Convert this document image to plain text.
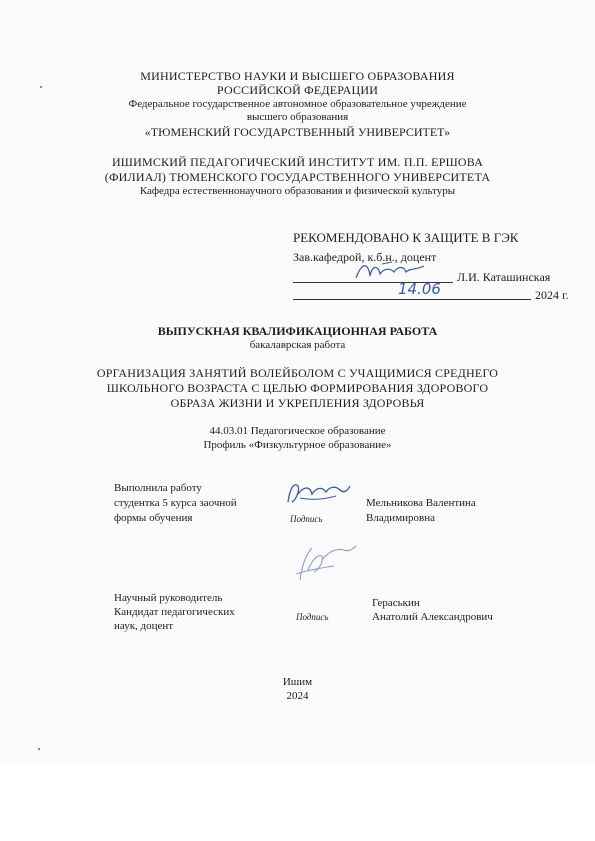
МИНИСТЕРСТВО НАУКИ И ВЫСШЕГО ОБРАЗОВАНИЯ
РОССИЙСКОЙ ФЕДЕРАЦИИ
Федеральное государственное автономное образовательное учреждение
высшего образования
«ТЮМЕНСКИЙ ГОСУДАРСТВЕННЫЙ УНИВЕРСИТЕТ»
ИШИМСКИЙ ПЕДАГОГИЧЕСКИЙ ИНСТИТУТ ИМ. П.П. ЕРШОВА
(ФИЛИАЛ) ТЮМЕНСКОГО ГОСУДАРСТВЕННОГО УНИВЕРСИТЕТА
Кафедра естественнонаучного образования и физической культуры
РЕКОМЕНДОВАНО К ЗАЩИТЕ В ГЭК
Зав.кафедрой, к.б.н., доцент
Л.И. Каташинская
14.06	2024 г.
ВЫПУСКНАЯ КВАЛИФИКАЦИОННАЯ РАБОТА
бакалаврская работа
ОРГАНИЗАЦИЯ ЗАНЯТИЙ ВОЛЕЙБОЛОМ С УЧАЩИМИСЯ СРЕДНЕГО
ШКОЛЬНОГО ВОЗРАСТА С ЦЕЛЬЮ ФОРМИРОВАНИЯ ЗДОРОВОГО
ОБРАЗА ЖИЗНИ И УКРЕПЛЕНИЯ ЗДОРОВЬЯ
44.03.01 Педагогическое образование
Профиль «Физкультурное образование»
Выполнила работу
студентка 5 курса заочной
формы обучения	Подпись
Мельникова Валентина
Владимировна
Научный руководитель
Кандидат педагогических
наук, доцент
Подпись
Гераськин
Анатолий Александрович
Ишим
2024
